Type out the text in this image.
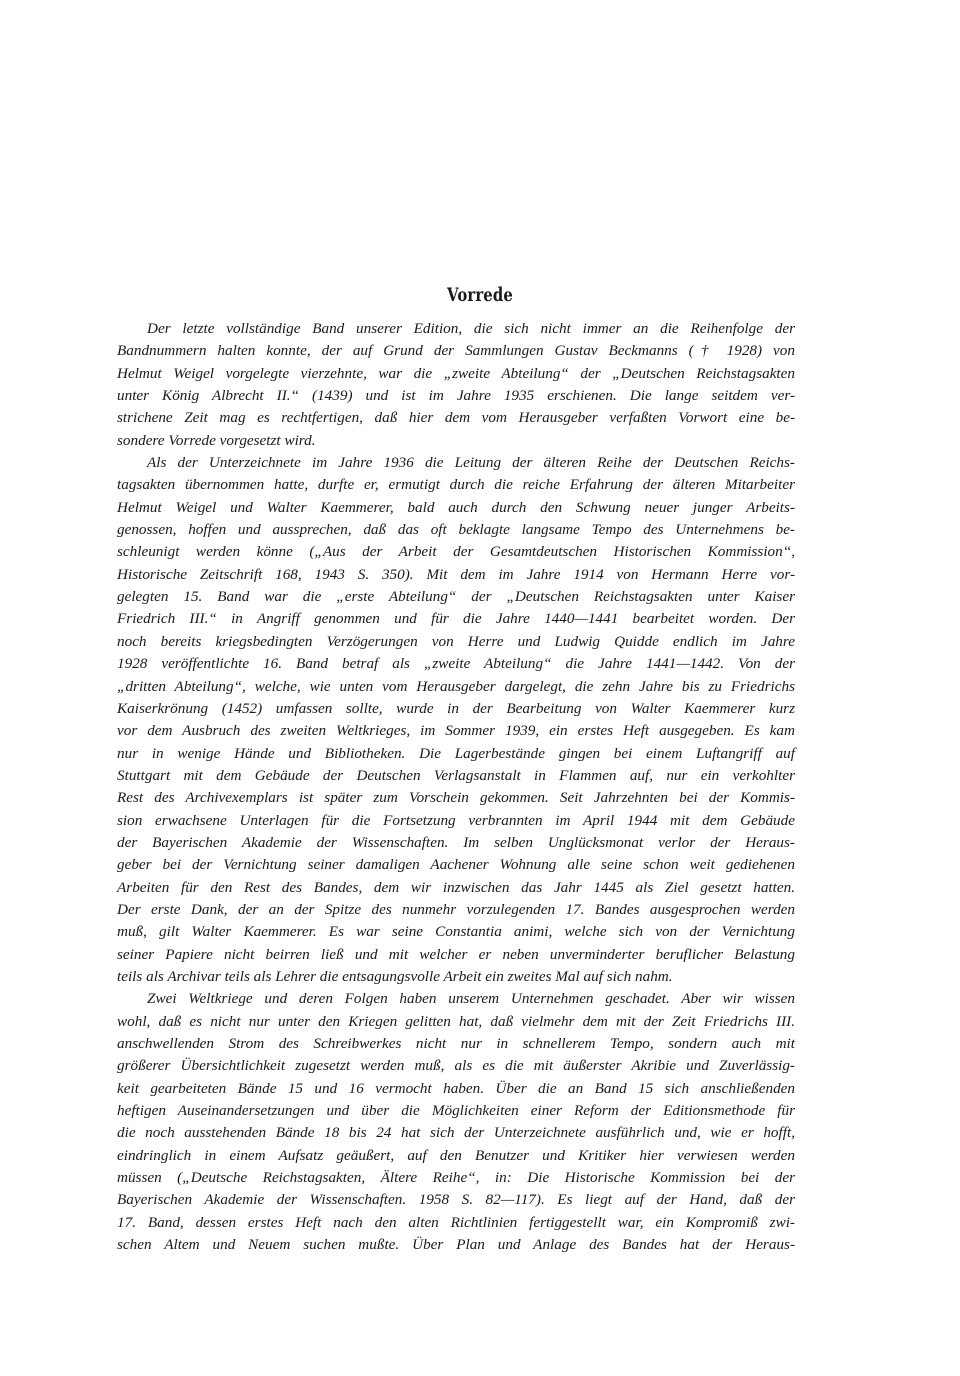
Vorrede
Der letzte vollständige Band unserer Edition, die sich nicht immer an die Reihenfolge der
Bandnummern halten konnte, der auf Grund der Sammlungen Gustav Beckmanns († 1928) von
Helmut Weigel vorgelegte vierzehnte, war die „zweite Abteilung“ der „Deutschen Reichstagsakten
unter König Albrecht II.“ (1439) und ist im Jahre 1935 erschienen. Die lange seitdem ver-
strichene Zeit mag es rechtfertigen, daß hier dem vom Herausgeber verfaßten Vorwort eine be-
sondere Vorrede vorgesetzt wird.
Als der Unterzeichnete im Jahre 1936 die Leitung der älteren Reihe der Deutschen Reichs-
tagsakten übernommen hatte, durfte er, ermutigt durch die reiche Erfahrung der älteren Mitarbeiter
Helmut Weigel und Walter Kaemmerer, bald auch durch den Schwung neuer junger Arbeits-
genossen, hoffen und aussprechen, daß das oft beklagte langsame Tempo des Unternehmens be-
schleunigt werden könne („Aus der Arbeit der Gesamtdeutschen Historischen Kommission“,
Historische Zeitschrift 168, 1943 S. 350). Mit dem im Jahre 1914 von Hermann Herre vor-
gelegten 15. Band war die „erste Abteilung“ der „Deutschen Reichstagsakten unter Kaiser
Friedrich III.“ in Angriff genommen und für die Jahre 1440—1441 bearbeitet worden. Der
noch bereits kriegsbedingten Verzögerungen von Herre und Ludwig Quidde endlich im Jahre
1928 veröffentlichte 16. Band betraf als „zweite Abteilung“ die Jahre 1441—1442. Von der
„dritten Abteilung“, welche, wie unten vom Herausgeber dargelegt, die zehn Jahre bis zu Friedrichs
Kaiserkrönung (1452) umfassen sollte, wurde in der Bearbeitung von Walter Kaemmerer kurz
vor dem Ausbruch des zweiten Weltkrieges, im Sommer 1939, ein erstes Heft ausgegeben. Es kam
nur in wenige Hände und Bibliotheken. Die Lagerbestände gingen bei einem Luftangriff auf
Stuttgart mit dem Gebäude der Deutschen Verlagsanstalt in Flammen auf, nur ein verkohlter
Rest des Archivexemplars ist später zum Vorschein gekommen. Seit Jahrzehnten bei der Kommis-
sion erwachsene Unterlagen für die Fortsetzung verbrannten im April 1944 mit dem Gebäude
der Bayerischen Akademie der Wissenschaften. Im selben Unglücksmonat verlor der Heraus-
geber bei der Vernichtung seiner damaligen Aachener Wohnung alle seine schon weit gediehenen
Arbeiten für den Rest des Bandes, dem wir inzwischen das Jahr 1445 als Ziel gesetzt hatten.
Der erste Dank, der an der Spitze des nunmehr vorzulegenden 17. Bandes ausgesprochen werden
muß, gilt Walter Kaemmerer. Es war seine Constantia animi, welche sich von der Vernichtung
seiner Papiere nicht beirren ließ und mit welcher er neben unverminderter beruflicher Belastung
teils als Archivar teils als Lehrer die entsagungsvolle Arbeit ein zweites Mal auf sich nahm.
Zwei Weltkriege und deren Folgen haben unserem Unternehmen geschadet. Aber wir wissen
wohl, daß es nicht nur unter den Kriegen gelitten hat, daß vielmehr dem mit der Zeit Friedrichs III.
anschwellenden Strom des Schreibwerkes nicht nur in schnellerem Tempo, sondern auch mit
größerer Übersichtlichkeit zugesetzt werden muß, als es die mit äußerster Akribie und Zuverlässig-
keit gearbeiteten Bände 15 und 16 vermocht haben. Über die an Band 15 sich anschließenden
heftigen Auseinandersetzungen und über die Möglichkeiten einer Reform der Editionsmethode für
die noch ausstehenden Bände 18 bis 24 hat sich der Unterzeichnete ausführlich und, wie er hofft,
eindringlich in einem Aufsatz geäußert, auf den Benutzer und Kritiker hier verwiesen werden
müssen („Deutsche Reichstagsakten, Ältere Reihe“, in: Die Historische Kommission bei der
Bayerischen Akademie der Wissenschaften. 1958 S. 82—117). Es liegt auf der Hand, daß der
17. Band, dessen erstes Heft nach den alten Richtlinien fertiggestellt war, ein Kompromiß zwi-
schen Altem und Neuem suchen mußte. Über Plan und Anlage des Bandes hat der Heraus-
